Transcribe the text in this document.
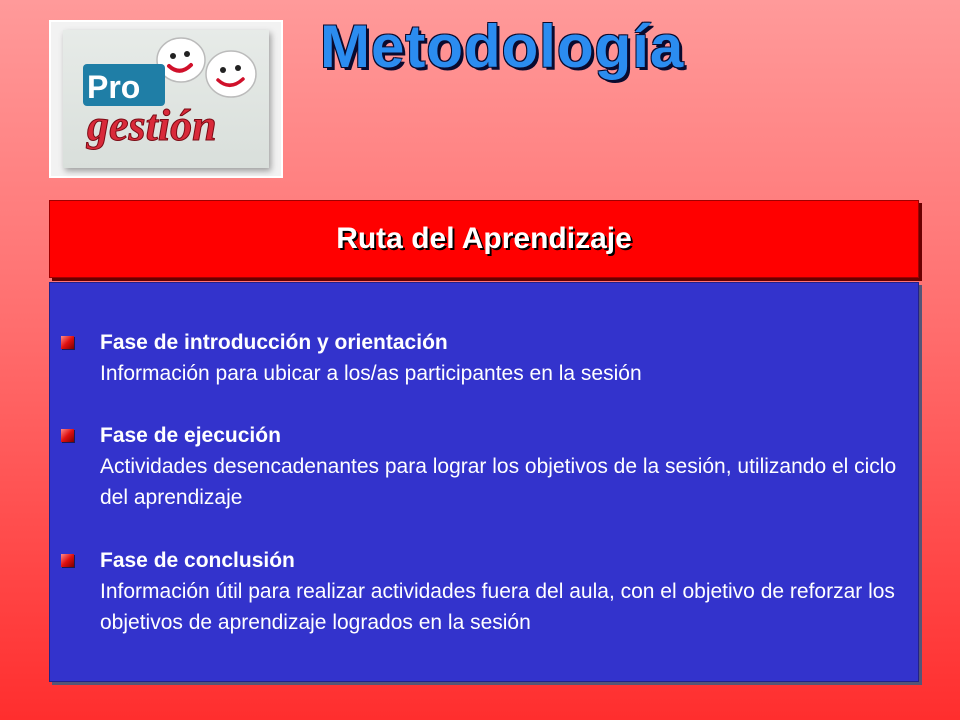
Pro
gestión
Metodología
Ruta del Aprendizaje
Fase de introducción y orientación
Información para ubicar a los/as participantes en la sesión
Fase de ejecución
Actividades desencadenantes para lograr los objetivos de la sesión, utilizando el ciclo del aprendizaje
Fase de conclusión
Información útil para realizar actividades fuera del aula, con el objetivo de reforzar los objetivos de aprendizaje logrados en la sesión
